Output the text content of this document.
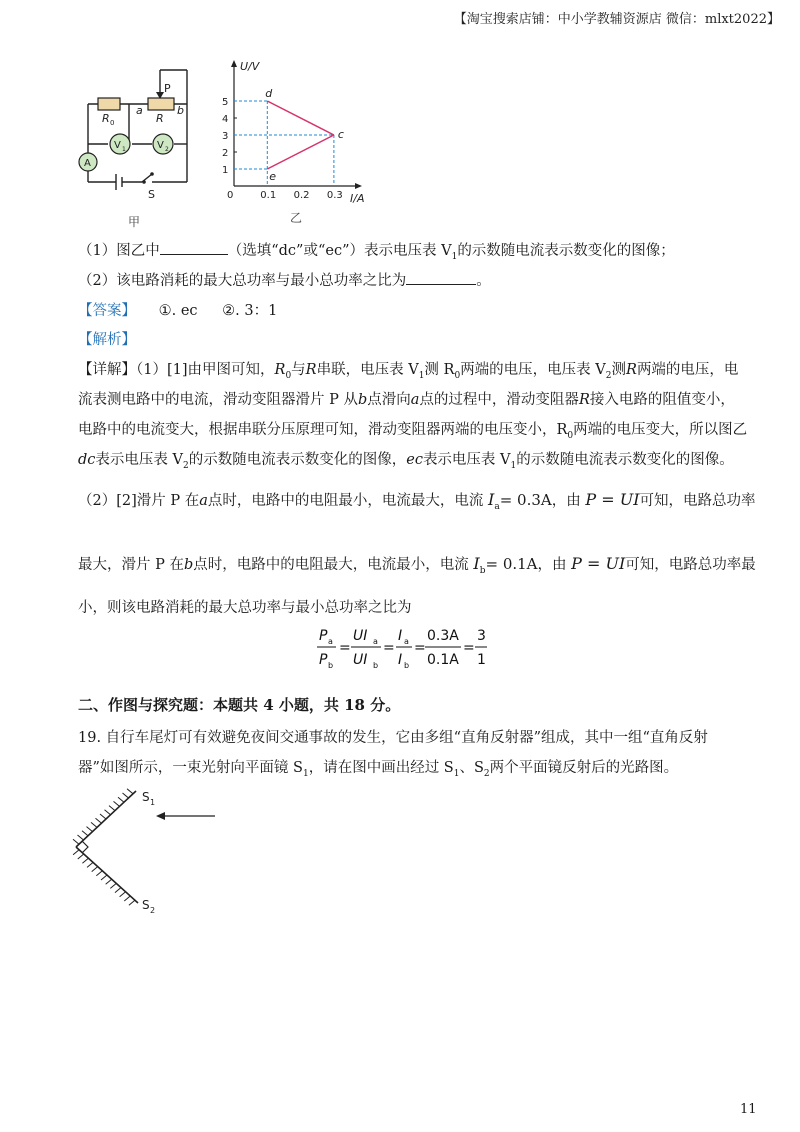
【淘宝搜索店铺：中小学教辅资源店 微信：mlxt2022】
P
R 0
a
R
b
V 1	V 2
A
S
甲
1
2
3
4
5
0.1 0.2 0.3
d
c
e
U/V
I/A
0
乙
（1）图乙中	（选填“dc”或“ec”）表示电压表 $V_1$的示数随电流表示数变化的图像；
（2）该电路消耗的最大总功率与最小总功率之比为	。
【答案】 ①. ec ②. 3：1
【解析】
【详解】（1）[1]由甲图可知，$R_0$与R串联，电压表 $V_1$测 $R_0$两端的电压，电压表 $V_2$测R两端的电压，电
流表测电路中的电流，滑动变阻器滑片 P 从b点滑向a点的过程中，滑动变阻器R接入电路的阻值变小，
电路中的电流变大，根据串联分压原理可知，滑动变阻器两端的电压变小，$R_0$两端的电压变大，所以图乙
dc表示电压表 $V_2$的示数随电流表示数变化的图像，ec表示电压表 $V_1$的示数随电流表示数变化的图像。
（2）[2]滑片 P 在a点时，电路中的电阻最小，电流最大，电流 $I_a= 0.3A$，由 P = UI可知，电路总功率
最大，滑片 P 在b点时，电路中的电阻最大，电流最小，电流 $I_b= 0.1A$，由 P = UI可知，电路总功率最
小，则该电路消耗的最大总功率与最小总功率之比为
P a
P b
=
UI a
UI b
=
I a
I b
=
0.3A
0.1A
=
3
1
二、作图与探究题：本题共 4 小题，共 18 分。
19. 自行车尾灯可有效避免夜间交通事故的发生，它由多组“直角反射器”组成，其中一组“直角反射
器”如图所示，一束光射向平面镜 $S_1$，请在图中画出经过 $S_1$、$S_2$两个平面镜反射后的光路图。
S 1
S 2
11
